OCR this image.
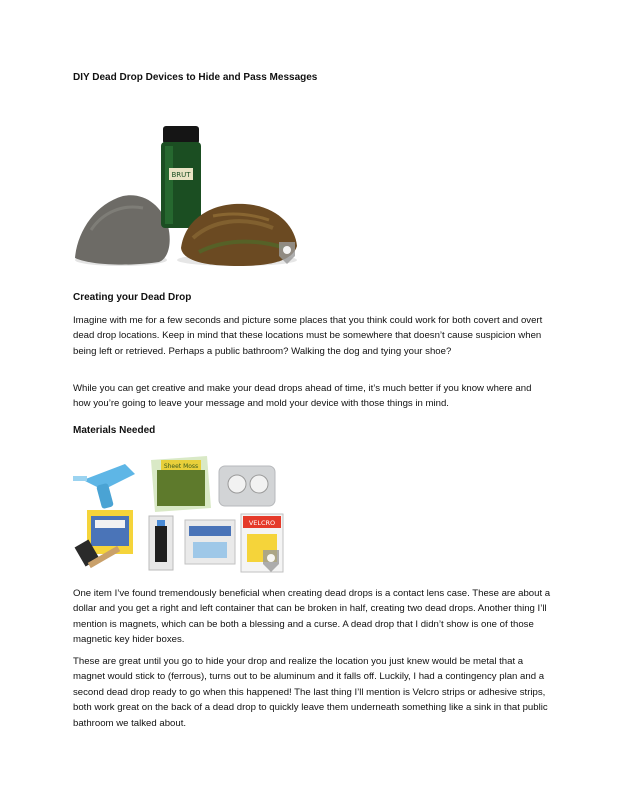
DIY Dead Drop Devices to Hide and Pass Messages
BRUT
Creating your Dead Drop

Imagine with me for a few seconds and picture some places that you think could work for both covert and overt dead drop locations. Keep in mind that these locations must be somewhere that doesn’t cause suspicion when being left or retrieved. Perhaps a public bathroom? Walking the dog and tying your shoe?

While you can get creative and make your dead drops ahead of time, it’s much better if you know where and how you’re going to leave your message and mold your device with those things in mind.

Materials Needed
Sheet Moss
VELCRO

One item I’ve found tremendously beneficial when creating dead drops is a contact lens case. These are about a dollar and you get a right and left container that can be broken in half, creating two dead drops. Another thing I’ll mention is magnets, which can be both a blessing and a curse. A dead drop that I didn’t show is one of those magnetic key hider boxes.

These are great until you go to hide your drop and realize the location you just knew would be metal that a magnet would stick to (ferrous), turns out to be aluminum and it falls off. Luckily, I had a contingency plan and a second dead drop ready to go when this happened! The last thing I’ll mention is Velcro strips or adhesive strips, both work great on the back of a dead drop to quickly leave them underneath something like a sink in that public bathroom we talked about.
